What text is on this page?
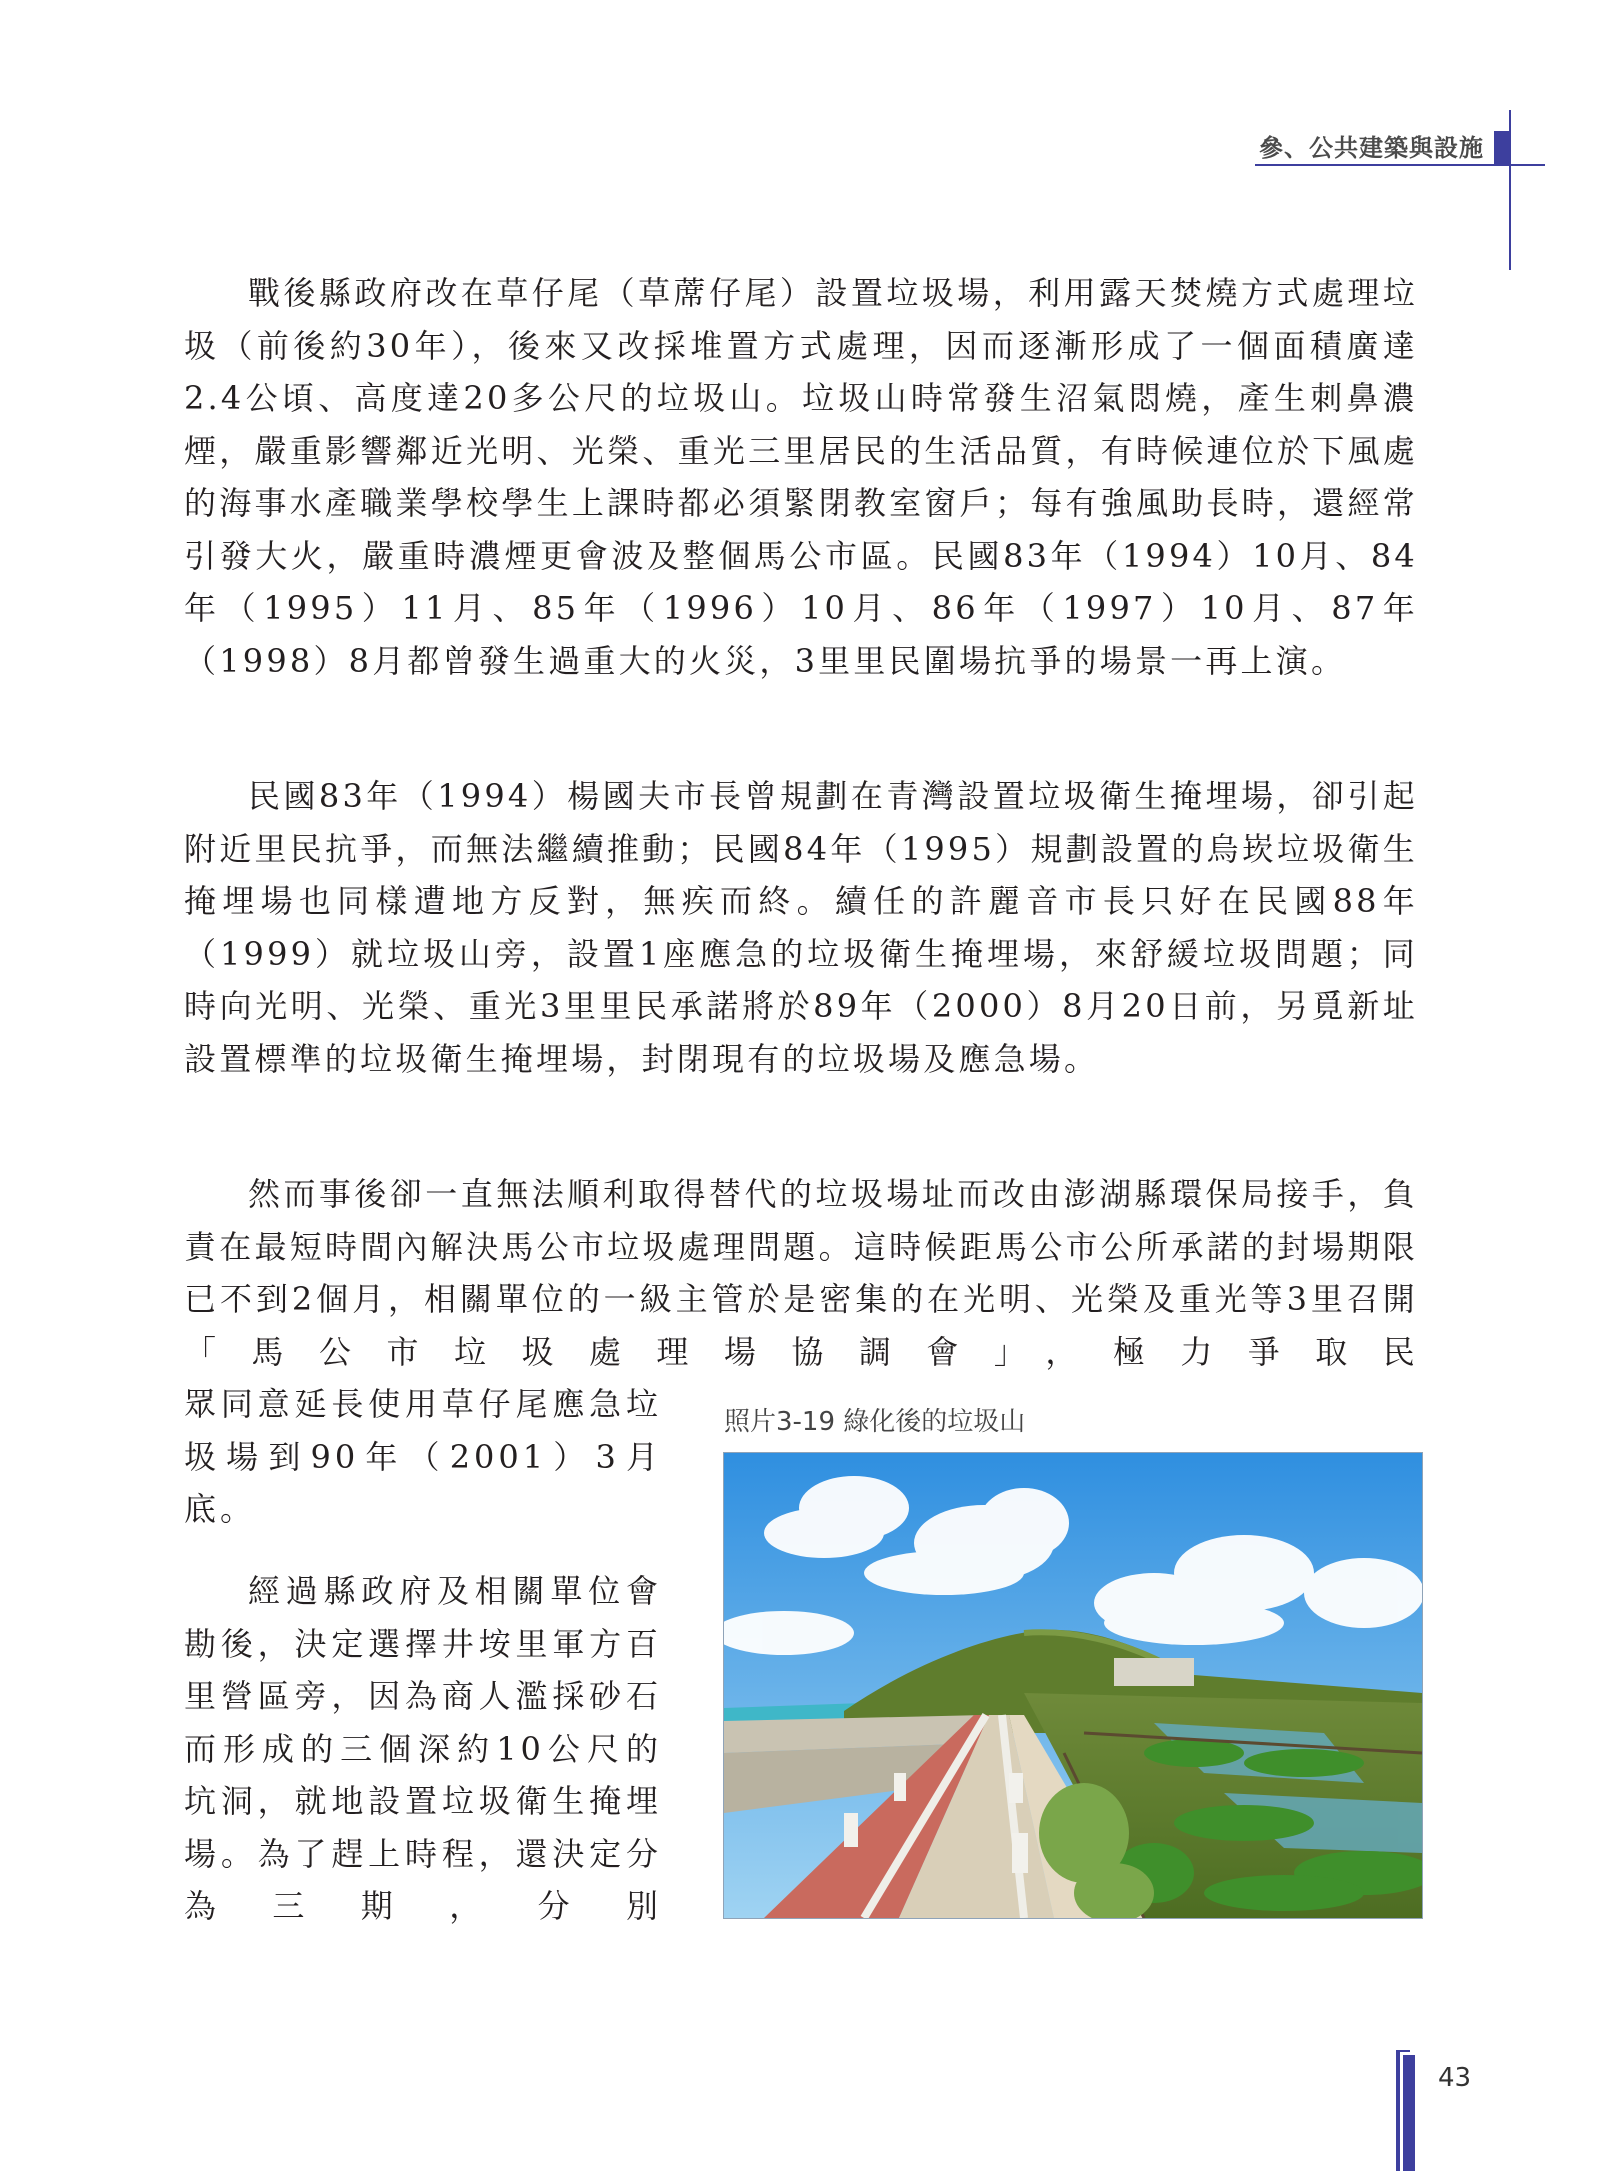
參、公共建築與設施

戰後縣政府改在草仔尾（草蓆仔尾）設置垃圾場，利用露天焚燒方式處理垃圾（前後約30年），後來又改採堆置方式處理，因而逐漸形成了一個面積廣達2.4公頃、高度達20多公尺的垃圾山。垃圾山時常發生沼氣悶燒，產生刺鼻濃煙，嚴重影響鄰近光明、光榮、重光三里居民的生活品質，有時候連位於下風處的海事水產職業學校學生上課時都必須緊閉教室窗戶；每有強風助長時，還經常引發大火，嚴重時濃煙更會波及整個馬公市區。民國83年（1994）10月、84年（1995）11月、85年（1996）10月、86年（1997）10月、87年（1998）8月都曾發生過重大的火災，3里里民圍場抗爭的場景一再上演。

民國83年（1994）楊國夫市長曾規劃在青灣設置垃圾衛生掩埋場，卻引起附近里民抗爭，而無法繼續推動；民國84年（1995）規劃設置的烏崁垃圾衛生掩埋場也同樣遭地方反對，無疾而終。續任的許麗音市長只好在民國88年（1999）就垃圾山旁，設置1座應急的垃圾衛生掩埋場，來舒緩垃圾問題；同時向光明、光榮、重光3里里民承諾將於89年（2000）8月20日前，另覓新址設置標準的垃圾衛生掩埋場，封閉現有的垃圾場及應急場。

然而事後卻一直無法順利取得替代的垃圾場址而改由澎湖縣環保局接手，負責在最短時間內解決馬公市垃圾處理問題。這時候距馬公市公所承諾的封場期限已不到2個月，相關單位的一級主管於是密集的在光明、光榮及重光等3里召開「馬公市垃圾處理場協調會」，極力爭取民

眾同意延長使用草仔尾應急垃圾場到90年（2001）3月底。

經過縣政府及相關單位會勘後，決定選擇井垵里軍方百里營區旁，因為商人濫採砂石而形成的三個深約10公尺的坑洞，就地設置垃圾衛生掩埋場。為了趕上時程，還決定分為三期，分別

照片3-19 綠化後的垃圾山
43
